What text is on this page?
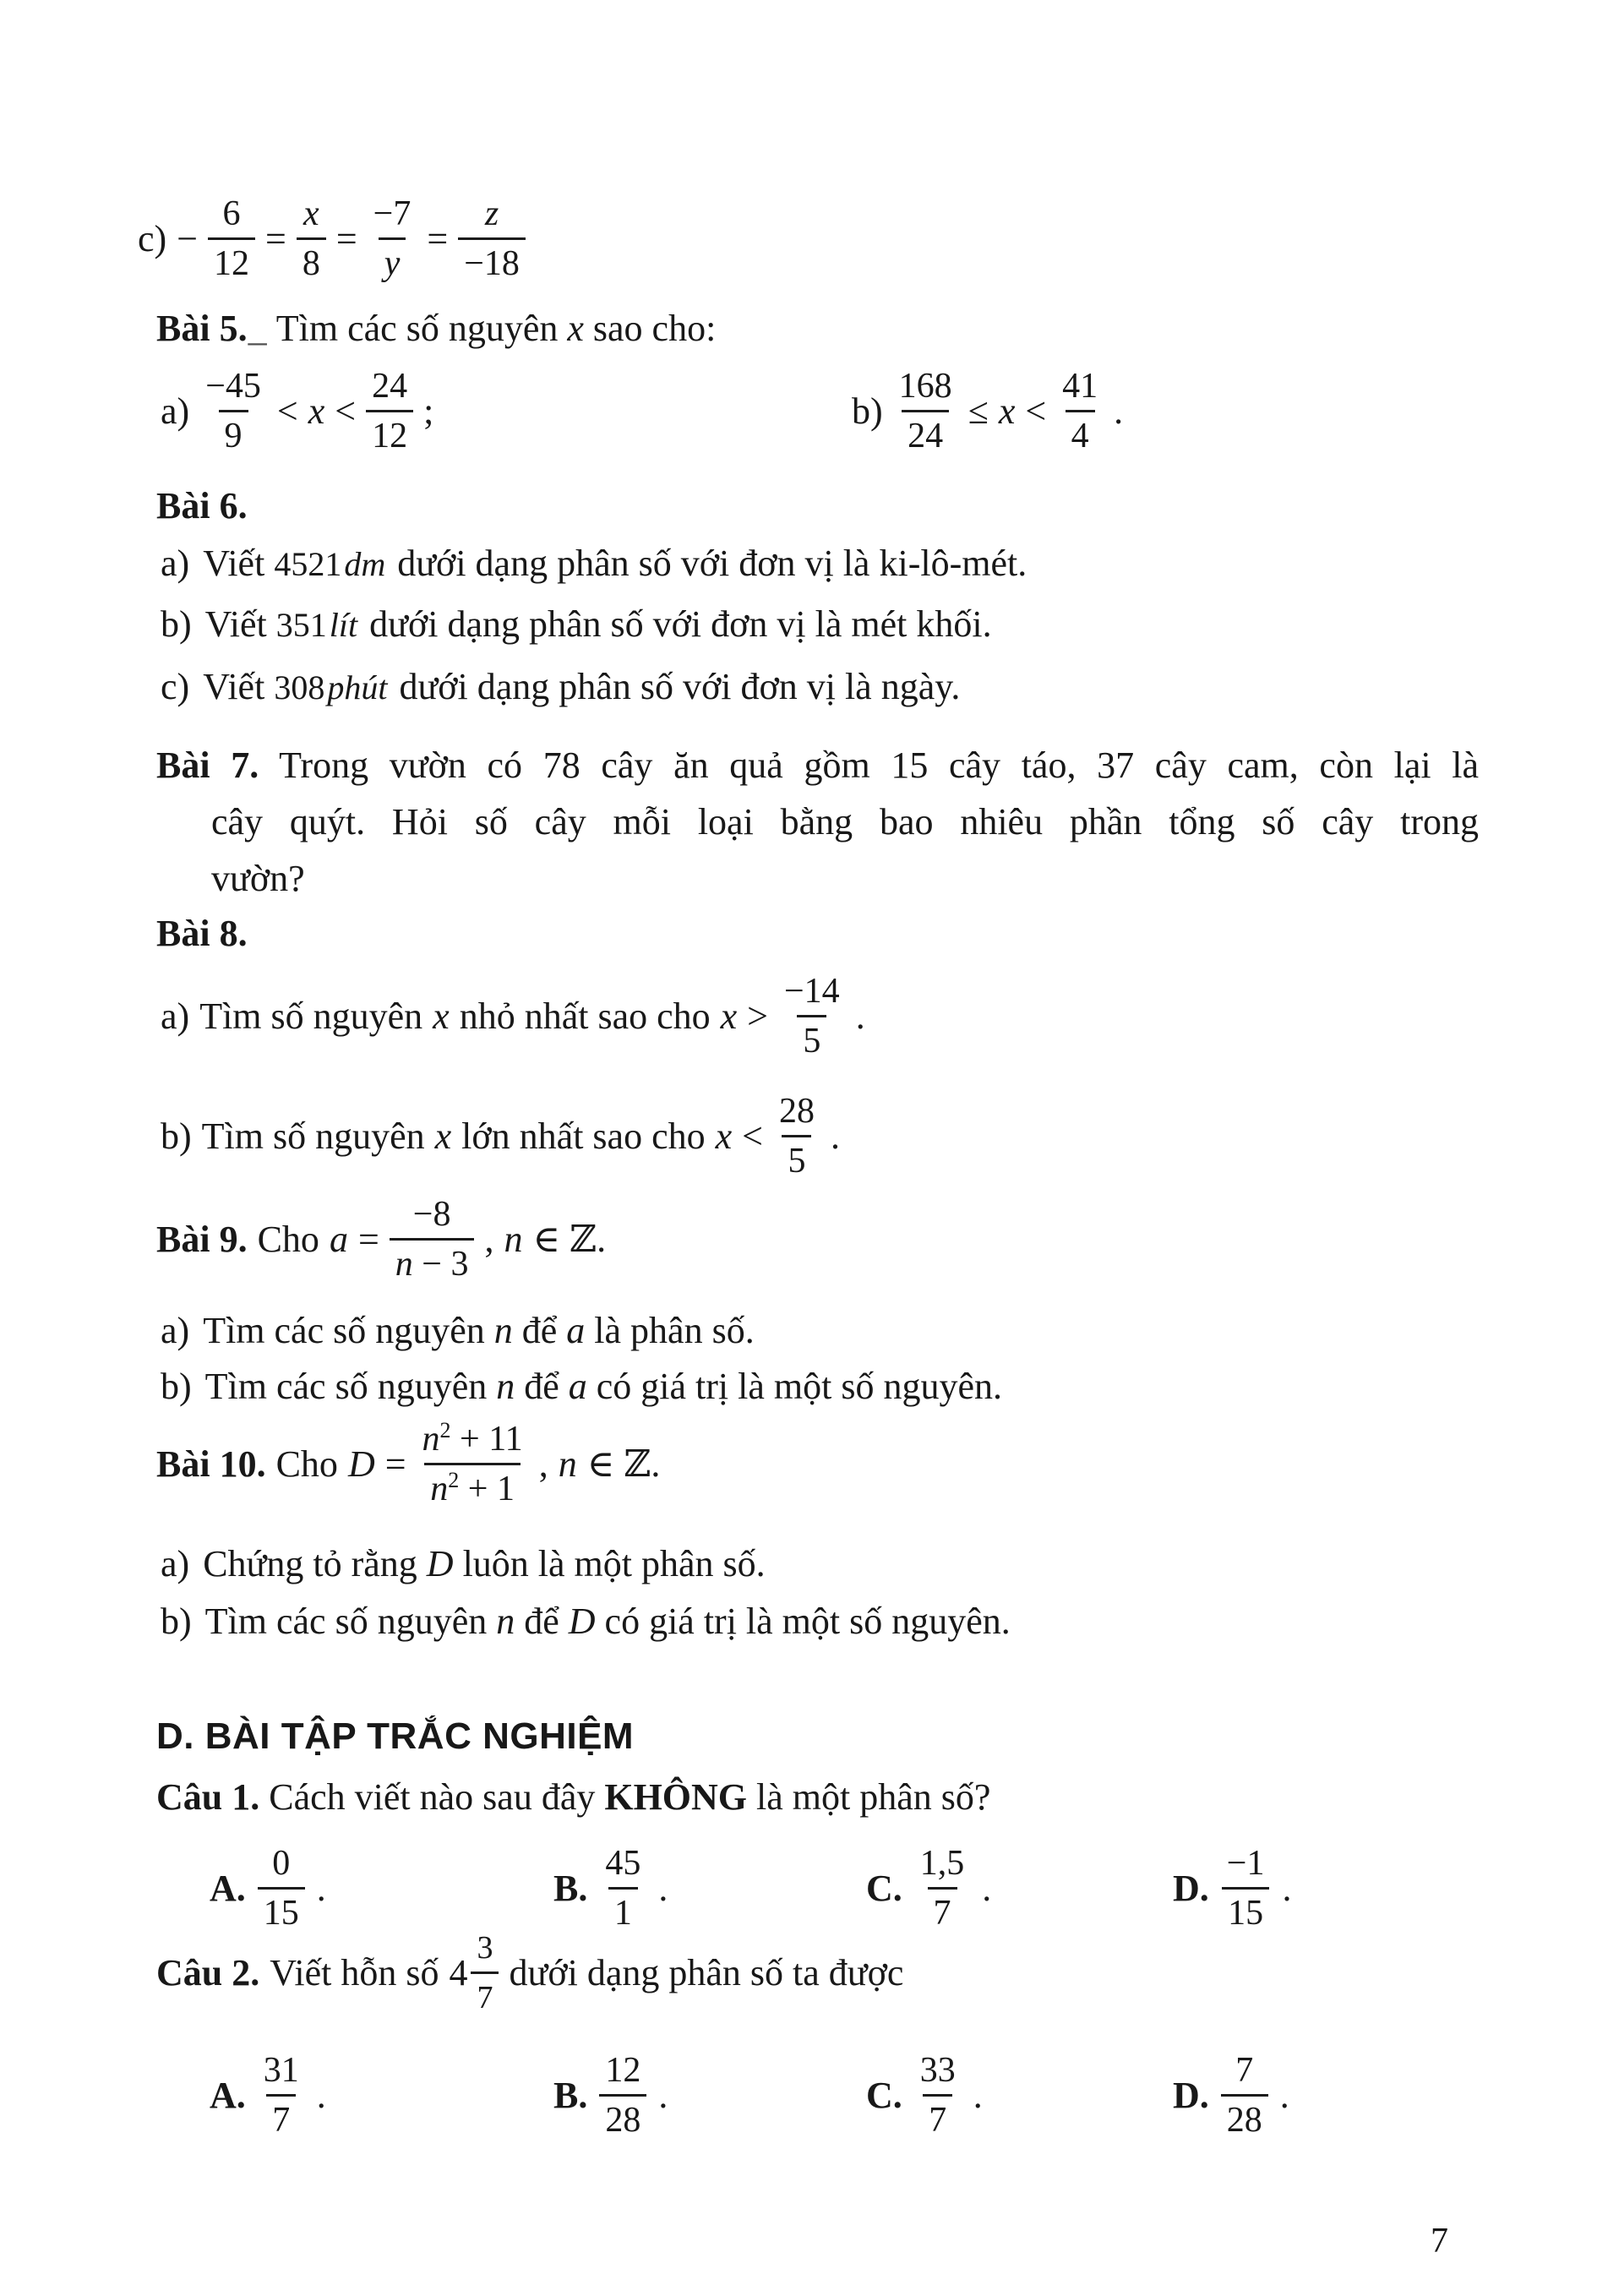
$c) - \frac{6}{12} = \frac{x}{8} = \frac{-7}{y} = \frac{z}{-18}$
Bài 5._ Tìm các số nguyên x sao cho:
$a) \frac{-45}{9} < x < \frac{24}{12}$ ;	$b) \frac{168}{24} \le x < \frac{41}{4}$ .
Bài 6.
a) Viết 4521dm dưới dạng phân số với đơn vị là ki-lô-mét.
b) Viết 351lít dưới dạng phân số với đơn vị là mét khối.
c) Viết 308phút dưới dạng phân số với đơn vị là ngày.
Bài 7. Trong vườn có 78 cây ăn quả gồm 15 cây táo, 37 cây cam, còn lại là
cây quýt. Hỏi số cây mỗi loại bằng bao nhiêu phần tổng số cây trong
vườn?
Bài 8.
a) Tìm số nguyên x nhỏ nhất sao cho $x > \frac{-14}{5}$ .
b) Tìm số nguyên x lớn nhất sao cho $x < \frac{28}{5}$ .
Bài 9. Cho $a = \frac{-8}{n - 3}$ , n ∈ ℤ.
a) Tìm các số nguyên n để a là phân số.
b) Tìm các số nguyên n để a có giá trị là một số nguyên.
Bài 10. Cho $D = \frac{n^2 + 11}{n^2 + 1}$ , n ∈ ℤ.
a) Chứng tỏ rằng D luôn là một phân số.
b) Tìm các số nguyên n để D có giá trị là một số nguyên.
D. BÀI TẬP TRẮC NGHIỆM
Câu 1. Cách viết nào sau đây KHÔNG là một phân số?
A. $\frac{0}{15}$ .	B. $\frac{45}{1}$ .	C. $\frac{1,5}{7}$ .	D. $\frac{-1}{15}$ .
Câu 2. Viết hỗn số $4 \frac{3}{7}$ dưới dạng phân số ta được
A. $\frac{31}{7}$ .	B. $\frac{12}{28}$ .	C. $\frac{33}{7}$ .	D. $\frac{7}{28}$ .
7
